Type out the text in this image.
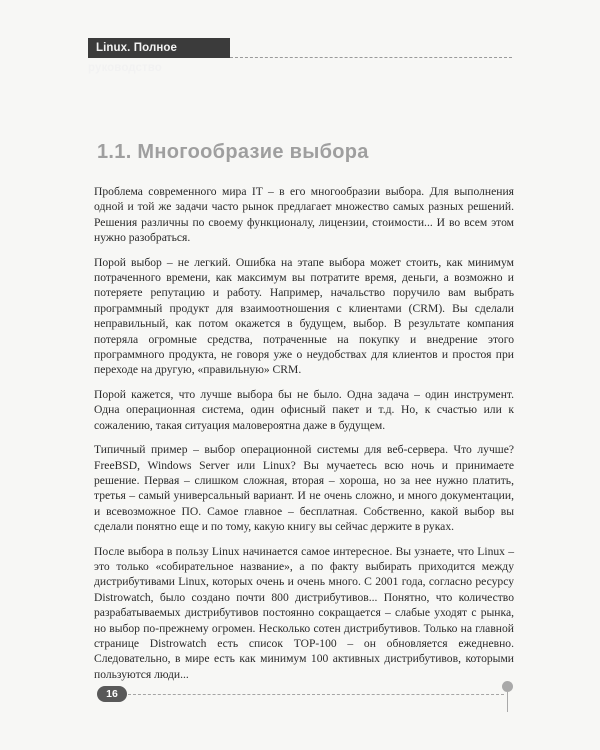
Linux. Полное руководство
1.1. Многообразие выбора

Проблема современного мира IT – в его многообразии выбора. Для выполнения одной и той же задачи часто рынок предлагает множество самых разных решений. Решения различны по своему функционалу, лицензии, стоимости... И во всем этом нужно разобраться.

Порой выбор – не легкий. Ошибка на этапе выбора может стоить, как минимум потраченного времени, как максимум вы потратите время, деньги, а возможно и потеряете репутацию и работу. Например, начальство поручило вам выбрать программный продукт для взаимоотношения с клиентами (CRM). Вы сделали неправильный, как потом окажется в будущем, выбор. В результате компания потеряла огромные средства, потраченные на покупку и внедрение этого программного продукта, не говоря уже о неудобствах для клиентов и простоя при переходе на другую, «правильную» CRM.

Порой кажется, что лучше выбора бы не было. Одна задача – один инструмент. Одна операционная система, один офисный пакет и т.д. Но, к счастью или к сожалению, такая ситуация маловероятна даже в будущем.

Типичный пример – выбор операционной системы для веб-сервера. Что лучше? FreeBSD, Windows Server или Linux? Вы мучаетесь всю ночь и принимаете решение. Первая – слишком сложная, вторая – хороша, но за нее нужно платить, третья – самый универсальный вариант. И не очень сложно, и много документации, и всевозможное ПО. Самое главное – бесплатная. Собственно, какой выбор вы сделали понятно еще и по тому, какую книгу вы сейчас держите в руках.

После выбора в пользу Linux начинается самое интересное. Вы узнаете, что Linux – это только «собирательное название», а по факту выбирать приходится между дистрибутивами Linux, которых очень и очень много. С 2001 года, согласно ресурсу Distrowatch, было создано почти 800 дистрибутивов... Понятно, что количество разрабатываемых дистрибутивов постоянно сокращается – слабые уходят с рынка, но выбор по-прежнему огромен. Несколько сотен дистрибутивов. Только на главной странице Distrowatch есть список TOP-100 – он обновляется ежедневно. Следовательно, в мире есть как минимум 100 активных дистрибутивов, которыми пользуются люди...

16
